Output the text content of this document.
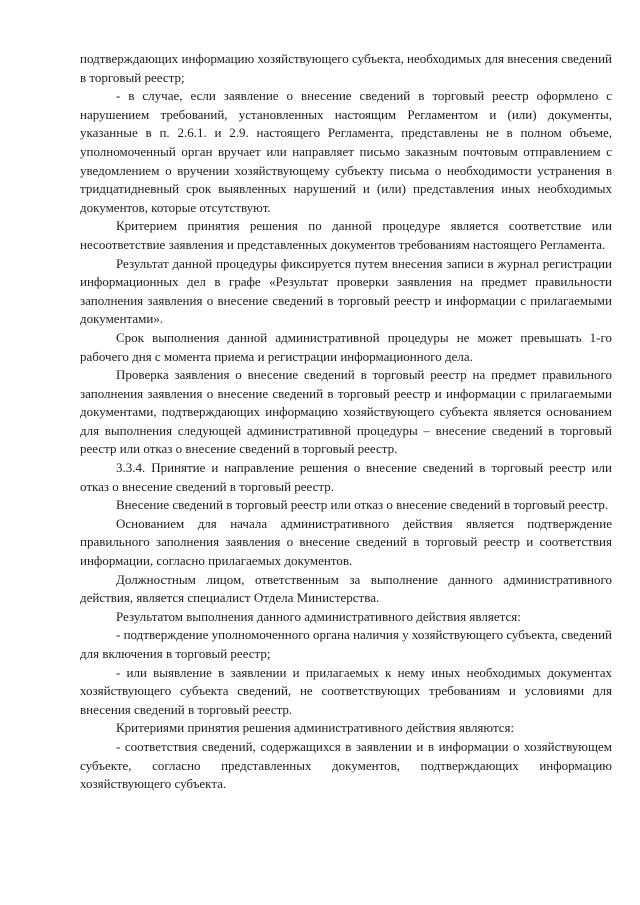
подтверждающих информацию хозяйствующего субъекта, необходимых для внесения сведений в торговый реестр;

- в случае, если заявление о внесение сведений в торговый реестр оформлено с нарушением требований, установленных настоящим Регламентом и (или) документы, указанные в п. 2.6.1. и 2.9. настоящего Регламента, представлены не в полном объеме, уполномоченный орган вручает или направляет письмо заказным почтовым отправлением с уведомлением о вручении хозяйствующему субъекту письма о необходимости устранения в тридцатидневный срок выявленных нарушений и (или) представления иных необходимых документов, которые отсутствуют.

Критерием принятия решения по данной процедуре является соответствие или несоответствие заявления и представленных документов требованиям настоящего Регламента.

Результат данной процедуры фиксируется путем внесения записи в журнал регистрации информационных дел в графе «Результат проверки заявления на предмет правильности заполнения заявления о внесение сведений в торговый реестр и информации с прилагаемыми документами».

Срок выполнения данной административной процедуры не может превышать 1-го рабочего дня с момента приема и регистрации информационного дела.

Проверка заявления о внесение сведений в торговый реестр на предмет правильного заполнения заявления о внесение сведений в торговый реестр и информации с прилагаемыми документами, подтверждающих информацию хозяйствующего субъекта является основанием для выполнения следующей административной процедуры – внесение сведений в торговый реестр или отказ о внесение сведений в торговый реестр.

3.3.4. Принятие и направление решения о внесение сведений в торговый реестр или отказ о внесение сведений в торговый реестр.

Внесение сведений в торговый реестр или отказ о внесение сведений в торговый реестр.

Основанием для начала административного действия является подтверждение правильного заполнения заявления о внесение сведений в торговый реестр и соответствия информации, согласно прилагаемых документов.

Должностным лицом, ответственным за выполнение данного административного действия, является специалист Отдела Министерства.

Результатом выполнения данного административного действия является:

- подтверждение уполномоченного органа наличия у хозяйствующего субъекта, сведений для включения в торговый реестр;

- или выявление в заявлении и прилагаемых к нему иных необходимых документах хозяйствующего субъекта сведений, не соответствующих требованиям и условиями для внесения сведений в торговый реестр.

Критериями принятия решения административного действия являются:

- соответствия сведений, содержащихся в заявлении и в информации о хозяйствующем субъекте, согласно представленных документов, подтверждающих информацию хозяйствующего субъекта.
